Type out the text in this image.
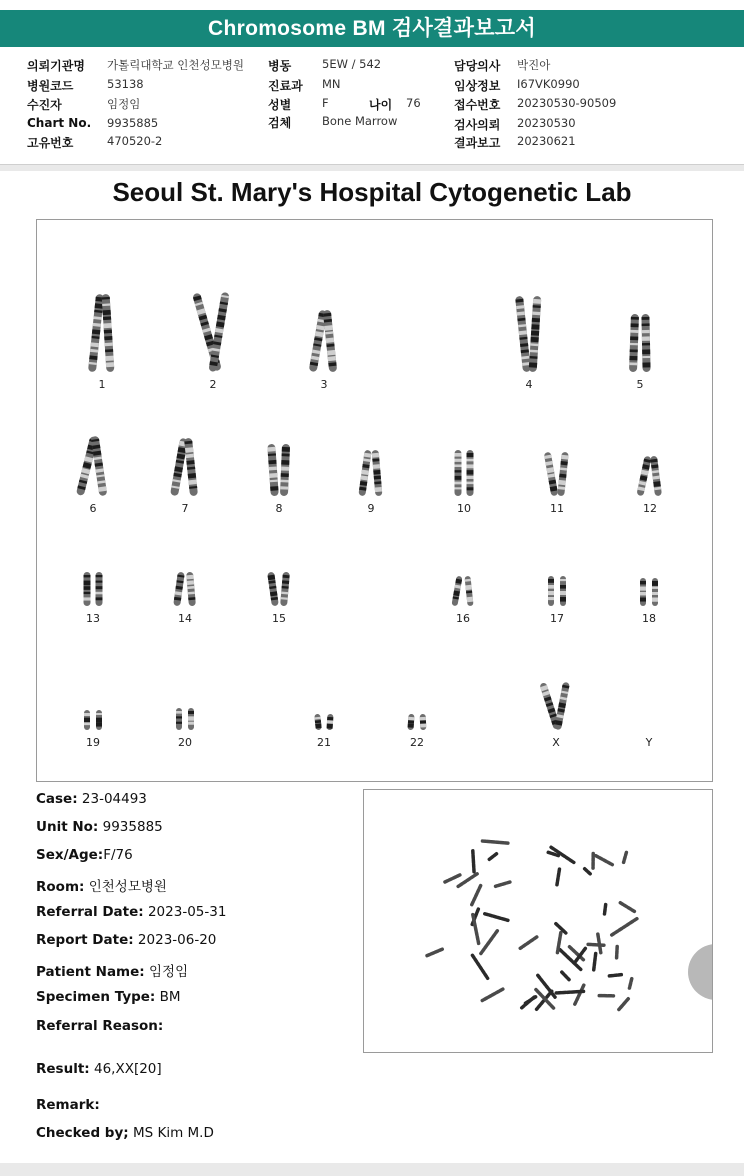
Chromosome BM 검사결과보고서
의뢰기관명 가톨릭대학교 인천성모병원
병원코드	53138
수진자	임정임
Chart No. 9935885
고유번호	470520-2
병동	5EW / 542
진료과 MN
성별	F	나이 76
검체	Bone Marrow
담당의사 박진아
임상정보 I67VK0990
접수번호 20230530-90509
검사의뢰 20230530
결과보고 20230621
Seoul St. Mary's Hospital Cytogenetic Lab
1	2	3	4	5
6	7	8	9	10	11	12
13	14	15	16	17	18
19	20	21	22	X	Y
Case: 23-04493
Unit No: 9935885
Sex/Age:F/76
Room: 인천성모병원
Referral Date: 2023-05-31
Report Date: 2023-06-20
Patient Name: 임정임
Specimen Type: BM
Referral Reason:
Result: 46,XX[20]
Remark:
Checked by; MS Kim M.D
